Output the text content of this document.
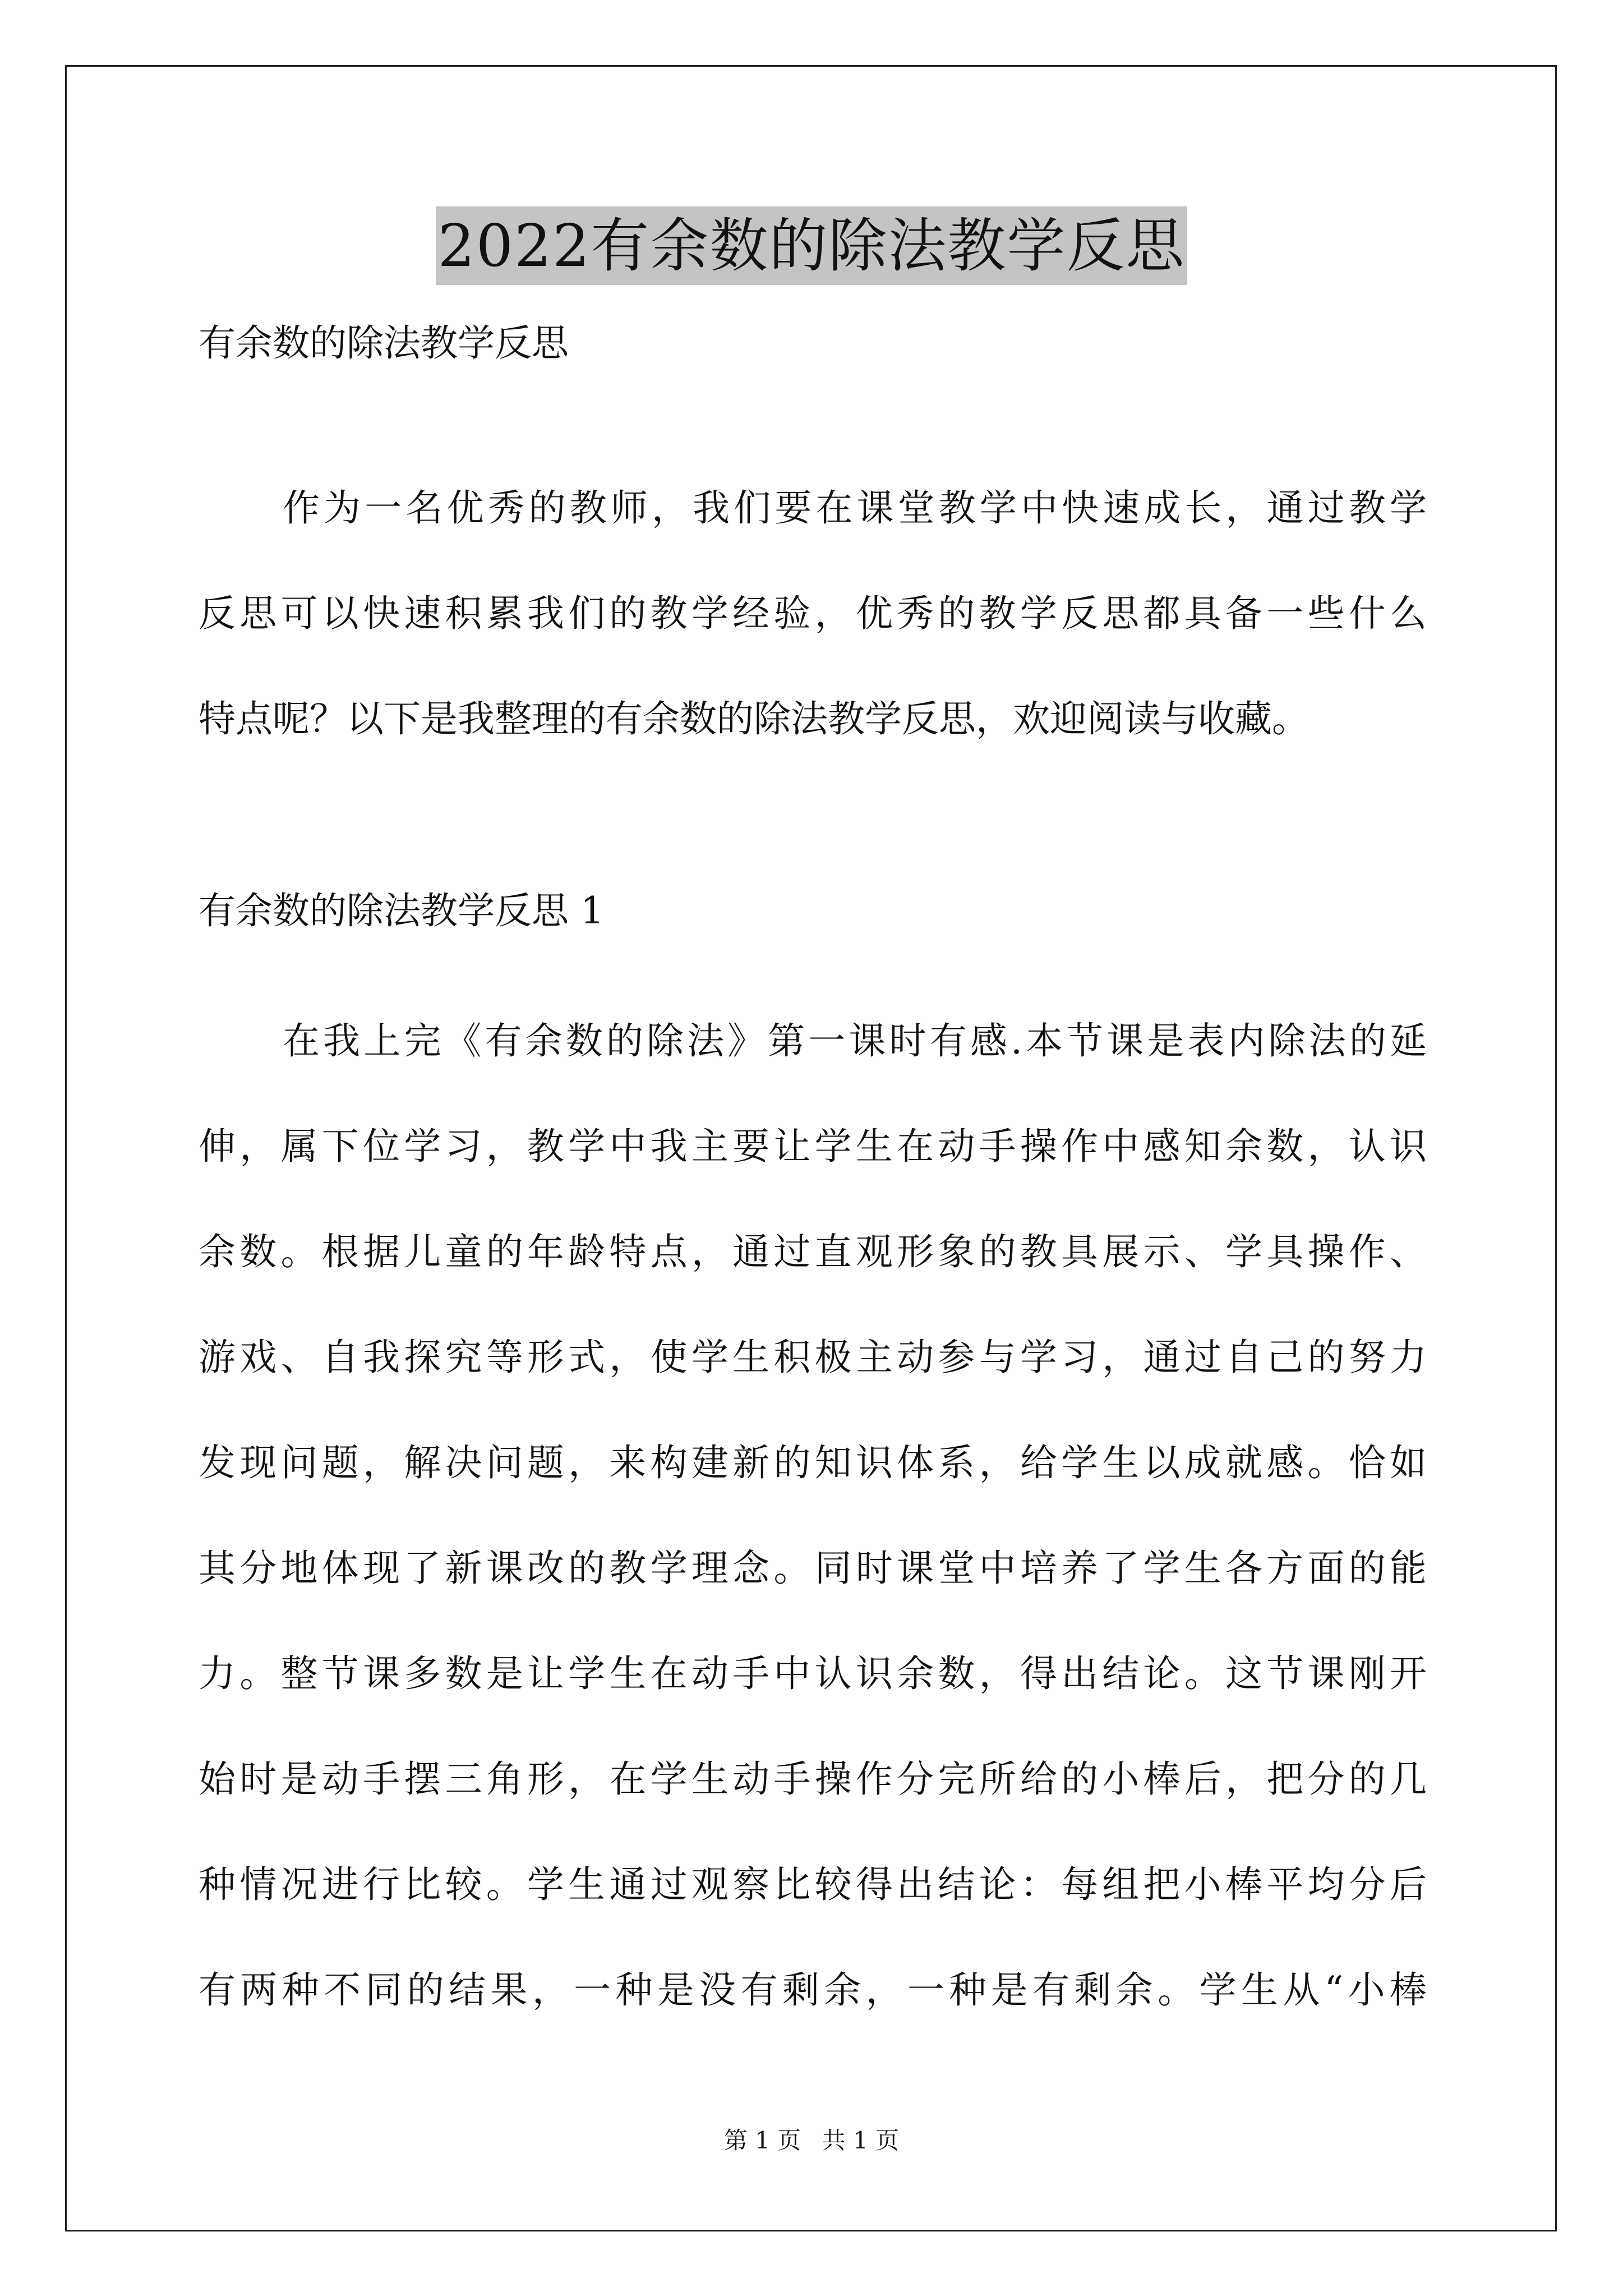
2022有余数的除法教学反思
有余数的除法教学反思
作为一名优秀的教师，我们要在课堂教学中快速成长，通过教学
反思可以快速积累我们的教学经验，优秀的教学反思都具备一些什么
特点呢？以下是我整理的有余数的除法教学反思，欢迎阅读与收藏。
有余数的除法教学反思 1
在我上完《有余数的除法》第一课时有感.本节课是表内除法的延
伸，属下位学习，教学中我主要让学生在动手操作中感知余数，认识
余数。根据儿童的年龄特点，通过直观形象的教具展示、学具操作、
游戏、自我探究等形式，使学生积极主动参与学习，通过自己的努力
发现问题，解决问题，来构建新的知识体系，给学生以成就感。恰如
其分地体现了新课改的教学理念。同时课堂中培养了学生各方面的能
力。整节课多数是让学生在动手中认识余数，得出结论。这节课刚开
始时是动手摆三角形，在学生动手操作分完所给的小棒后，把分的几
种情况进行比较。学生通过观察比较得出结论：每组把小棒平均分后
有两种不同的结果，一种是没有剩余，一种是有剩余。学生从“小棒
第 1 页 共 1 页
